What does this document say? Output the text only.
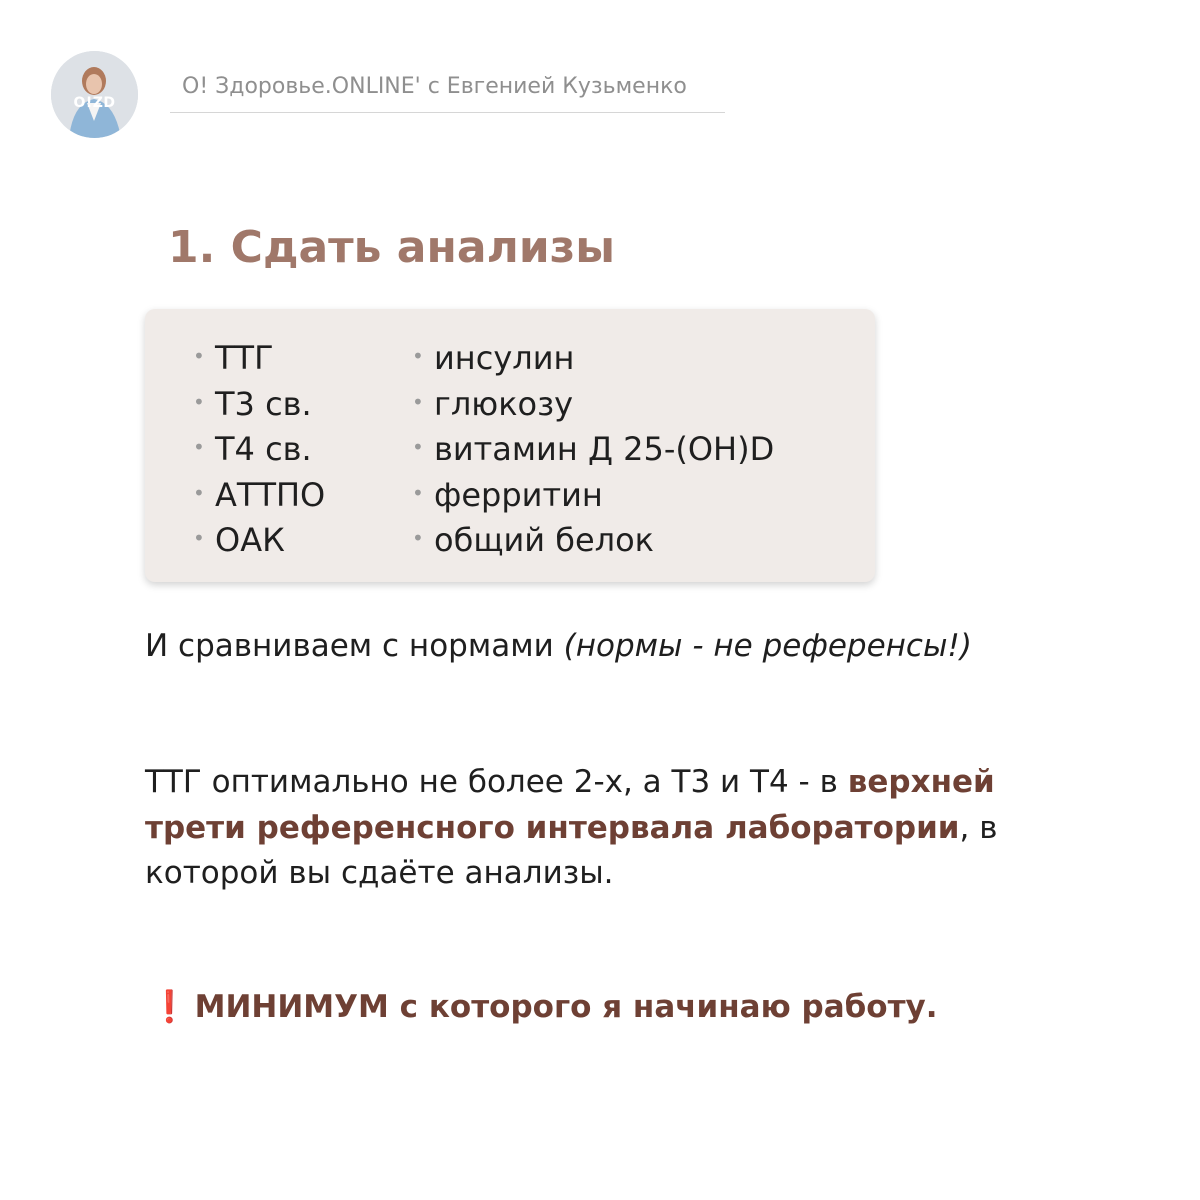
O!ZD
О! Здоровье.ONLINE' с Евгенией Кузьменко
1. Сдать анализы
• ТТГ
• Т3 св.
• Т4 св.
• АТТПО
• ОАК
• инсулин
• глюкозу
• витамин Д 25-(OH)D
• ферритин
• общий белок

И сравниваем с нормами (нормы - не референсы!)

ТТГ оптимально не более 2-х, а Т3 и Т4 - в верхней трети референсного интервала лаборатории, в которой вы сдаёте анализы.

❗ МИНИМУМ с которого я начинаю работу.
